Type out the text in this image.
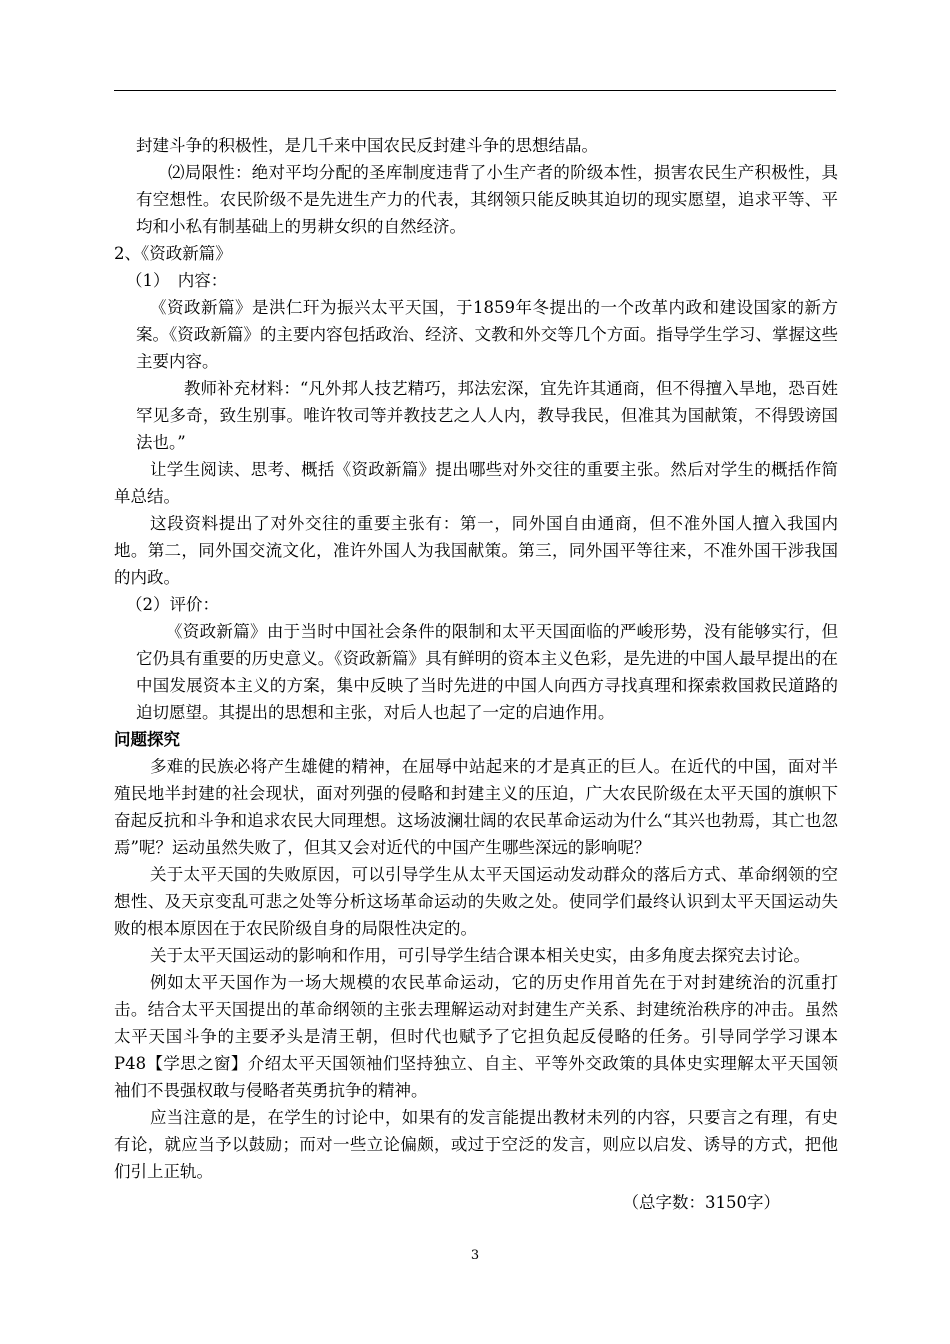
封建斗争的积极性，是几千来中国农民反封建斗争的思想结晶。

⑵局限性：绝对平均分配的圣库制度违背了小生产者的阶级本性，损害农民生产积极性，具有空想性。农民阶级不是先进生产力的代表，其纲领只能反映其迫切的现实愿望，追求平等、平均和小私有制基础上的男耕女织的自然经济。

2、《资政新篇》

（1）　内容：

《资政新篇》是洪仁玕为振兴太平天国，于1859年冬提出的一个改革内政和建设国家的新方案。《资政新篇》的主要内容包括政治、经济、文教和外交等几个方面。指导学生学习、掌握这些主要内容。

教师补充材料：“凡外邦人技艺精巧，邦法宏深，宜先许其通商，但不得擅入旱地，恐百姓罕见多奇，致生别事。唯许牧司等并教技艺之人人内，教导我民，但准其为国献策，不得毁谤国法也。”

让学生阅读、思考、概括《资政新篇》提出哪些对外交往的重要主张。然后对学生的概括作简单总结。

这段资料提出了对外交往的重要主张有：第一，同外国自由通商，但不准外国人擅入我国内地。第二，同外国交流文化，准许外国人为我国献策。第三，同外国平等往来，不准外国干涉我国的内政。

（2）评价：

《资政新篇》由于当时中国社会条件的限制和太平天国面临的严峻形势，没有能够实行，但它仍具有重要的历史意义。《资政新篇》具有鲜明的资本主义色彩，是先进的中国人最早提出的在中国发展资本主义的方案，集中反映了当时先进的中国人向西方寻找真理和探索救国救民道路的迫切愿望。其提出的思想和主张，对后人也起了一定的启迪作用。

问题探究

多难的民族必将产生雄健的精神，在屈辱中站起来的才是真正的巨人。在近代的中国，面对半殖民地半封建的社会现状，面对列强的侵略和封建主义的压迫，广大农民阶级在太平天国的旗帜下奋起反抗和斗争和追求农民大同理想。这场波澜壮阔的农民革命运动为什么“其兴也勃焉，其亡也忽焉”呢？运动虽然失败了，但其又会对近代的中国产生哪些深远的影响呢？

关于太平天国的失败原因，可以引导学生从太平天国运动发动群众的落后方式、革命纲领的空想性、及天京变乱可悲之处等分析这场革命运动的失败之处。使同学们最终认识到太平天国运动失败的根本原因在于农民阶级自身的局限性决定的。

关于太平天国运动的影响和作用，可引导学生结合课本相关史实，由多角度去探究去讨论。

例如太平天国作为一场大规模的农民革命运动，它的历史作用首先在于对封建统治的沉重打击。结合太平天国提出的革命纲领的主张去理解运动对封建生产关系、封建统治秩序的冲击。虽然太平天国斗争的主要矛头是清王朝，但时代也赋予了它担负起反侵略的任务。引导同学学习课本P48【学思之窗】介绍太平天国领袖们坚持独立、自主、平等外交政策的具体史实理解太平天国领袖们不畏强权敢与侵略者英勇抗争的精神。

应当注意的是，在学生的讨论中，如果有的发言能提出教材未列的内容，只要言之有理，有史有论，就应当予以鼓励；而对一些立论偏颇，或过于空泛的发言，则应以启发、诱导的方式，把他们引上正轨。

（总字数：3150字）

3
